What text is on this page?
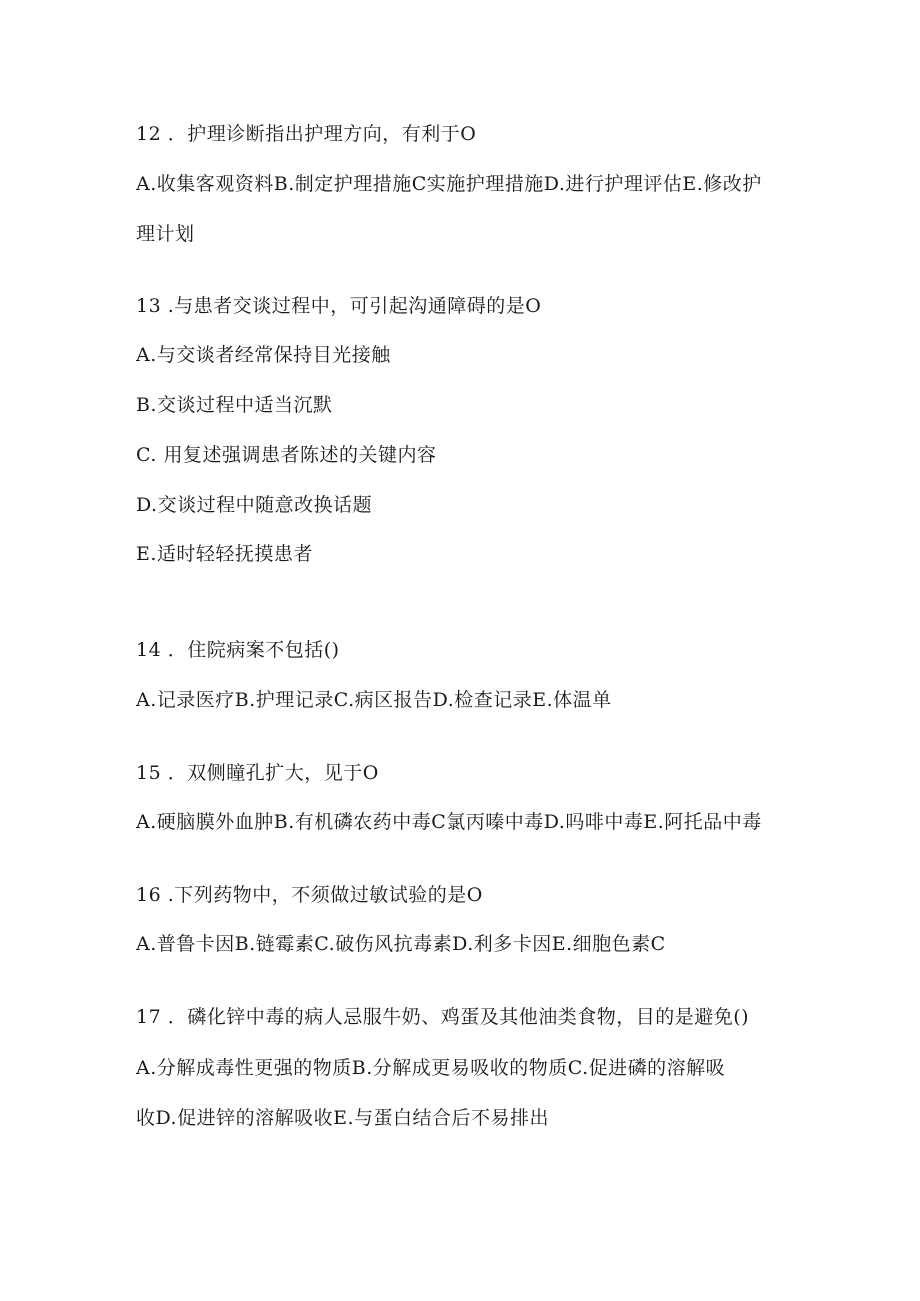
12 ．护理诊断指出护理方向，有利于O
A.收集客观资料B.制定护理措施C实施护理措施D.进行护理评估E.修改护
理计划
13 .与患者交谈过程中，可引起沟通障碍的是O
A.与交谈者经常保持目光接触
B.交谈过程中适当沉默
C. 用复述强调患者陈述的关键内容
D.交谈过程中随意改换话题
E.适时轻轻抚摸患者
14 ．住院病案不包括()
A.记录医疗B.护理记录C.病区报告D.检查记录E.体温单
15 ．双侧瞳孔扩大，见于O
A.硬脑膜外血肿B.有机磷农药中毒C氯丙嗪中毒D.吗啡中毒E.阿托品中毒
16 .下列药物中，不须做过敏试验的是O
A.普鲁卡因B.链霉素C.破伤风抗毒素D.利多卡因E.细胞色素C
17 ．磷化锌中毒的病人忌服牛奶、鸡蛋及其他油类食物，目的是避免()
A.分解成毒性更强的物质B.分解成更易吸收的物质C.促进磷的溶解吸
收D.促进锌的溶解吸收E.与蛋白结合后不易排出
